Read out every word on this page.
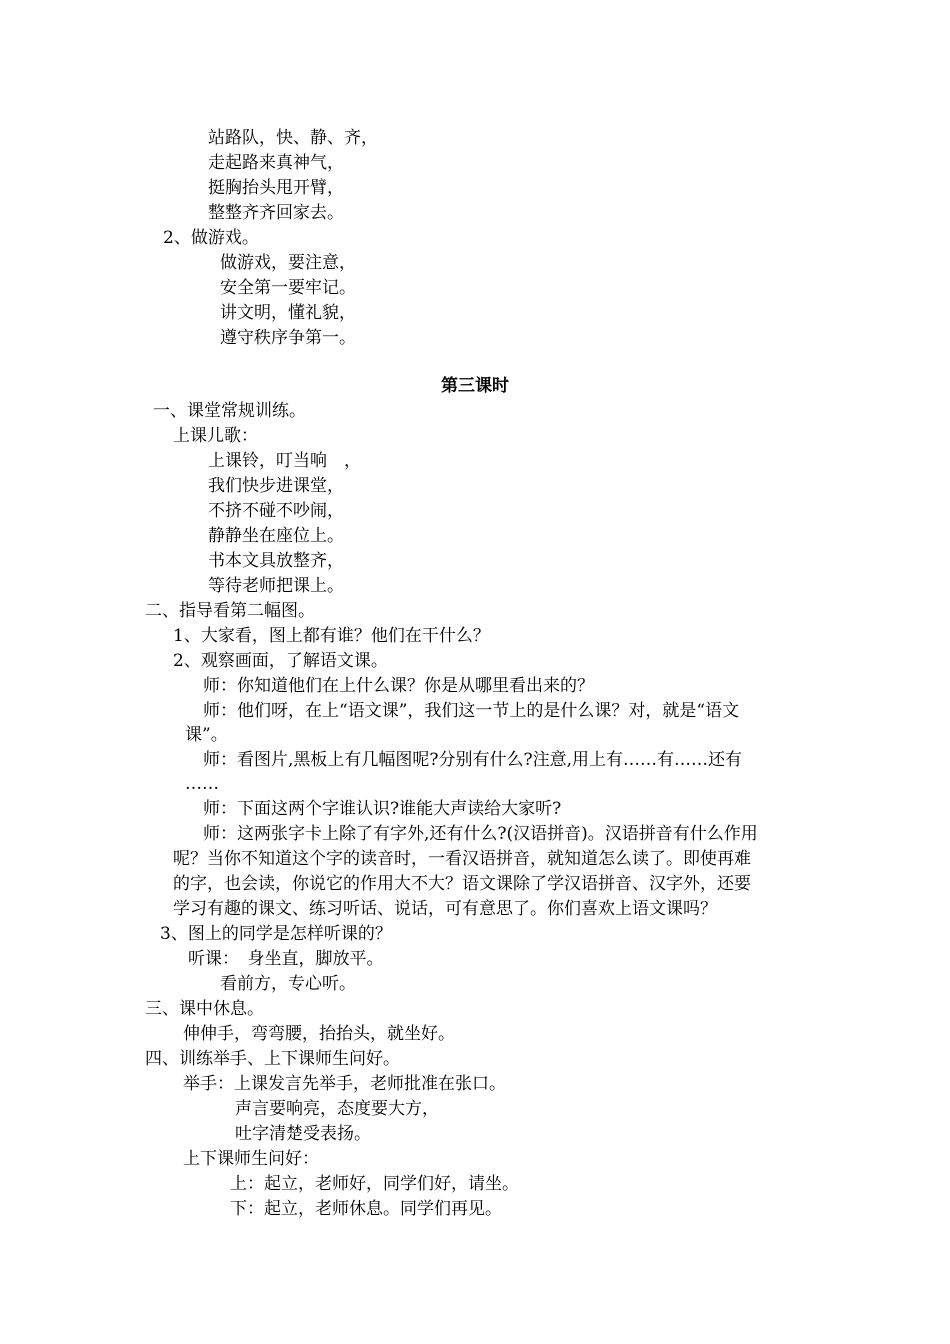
站路队，快、静、齐，
走起路来真神气，
挺胸抬头甩开臂，
整整齐齐回家去。
2、做游戏。
做游戏，要注意，
安全第一要牢记。
讲文明，懂礼貌，
遵守秩序争第一。
第三课时
一、课堂常规训练。
上课儿歌：
上课铃，叮当响　，
我们快步进课堂，
不挤不碰不吵闹，
静静坐在座位上。
书本文具放整齐，
等待老师把课上。
二、指导看第二幅图。
1、大家看，图上都有谁？他们在干什么？
2、观察画面，了解语文课。
师：你知道他们在上什么课？你是从哪里看出来的？
师：他们呀，在上“语文课”，我们这一节上的是什么课？对，就是“语文
课”。
师：看图片,黑板上有几幅图呢?分别有什么?注意,用上有……有……还有
……
师：下面这两个字谁认识?谁能大声读给大家听?
师：这两张字卡上除了有字外,还有什么?(汉语拼音)。汉语拼音有什么作用
呢？当你不知道这个字的读音时，一看汉语拼音，就知道怎么读了。即使再难
的字，也会读，你说它的作用大不大？语文课除了学汉语拼音、汉字外，还要
学习有趣的课文、练习听话、说话，可有意思了。你们喜欢上语文课吗？
3、图上的同学是怎样听课的？
听课：　身坐直，脚放平。
看前方，专心听。
三、课中休息。
伸伸手，弯弯腰，抬抬头，就坐好。
四、训练举手、上下课师生问好。
举手：上课发言先举手，老师批准在张口。
声言要响亮，态度要大方，
吐字清楚受表扬。
上下课师生问好：
上：起立，老师好，同学们好，请坐。
下：起立，老师休息。同学们再见。
